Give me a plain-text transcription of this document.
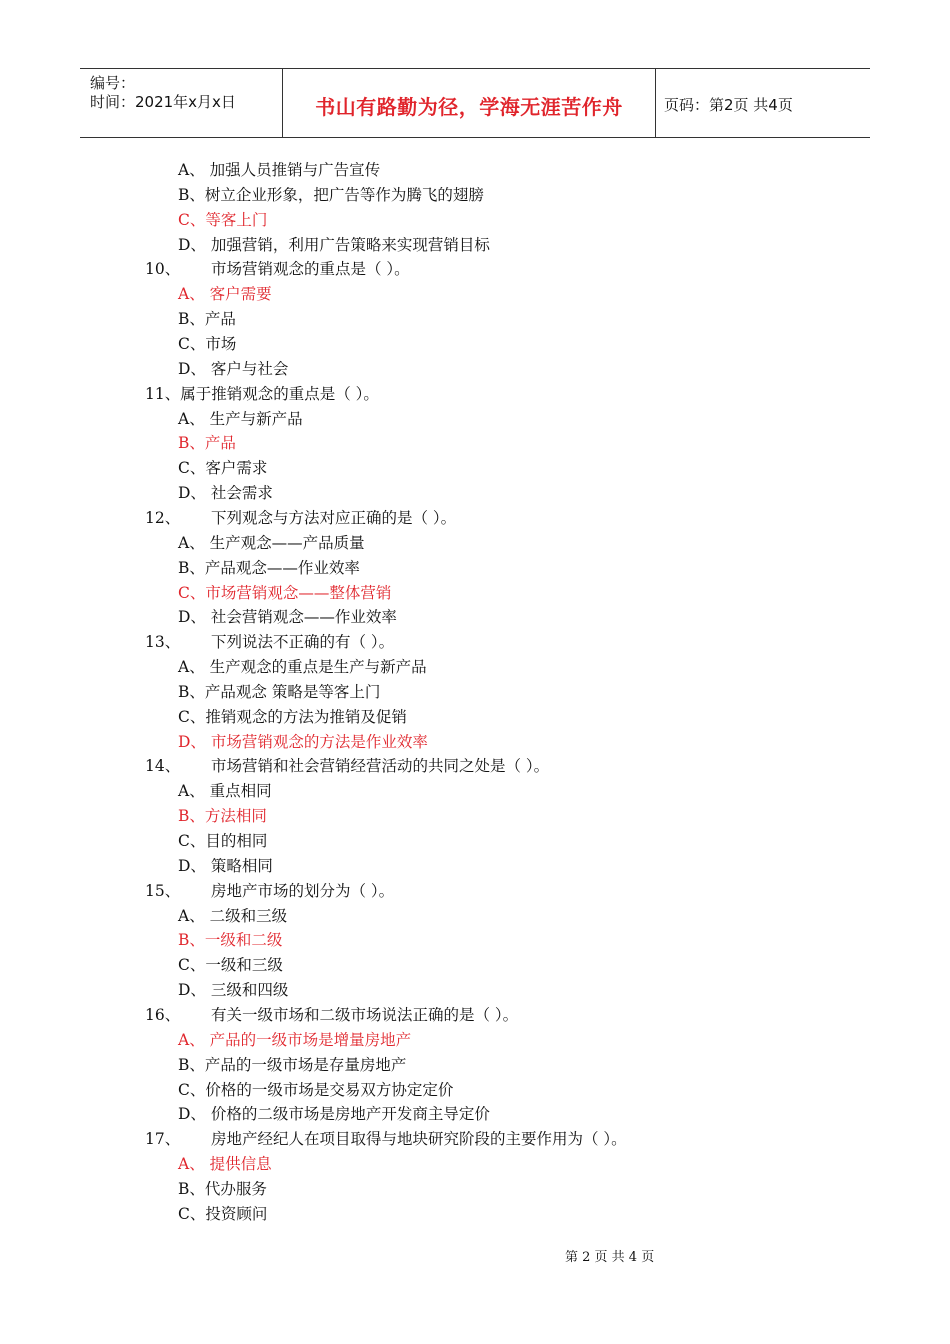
编号：
时间：2021年x月x日	书山有路勤为径，学海无涯苦作舟	页码：第2页 共4页
A、 加强人员推销与广告宣传
B、树立企业形象，把广告等作为腾飞的翅膀
C、等客上门
D、 加强营销，利用广告策略来实现营销目标
10、 市场营销观念的重点是（ ）。
A、 客户需要
B、产品
C、市场
D、 客户与社会
11、属于推销观念的重点是（ ）。
A、 生产与新产品
B、产品
C、客户需求
D、 社会需求
12、 下列观念与方法对应正确的是（ ）。
A、 生产观念——产品质量
B、产品观念——作业效率
C、市场营销观念——整体营销
D、 社会营销观念——作业效率
13、 下列说法不正确的有（ ）。
A、 生产观念的重点是生产与新产品
B、产品观念 策略是等客上门
C、推销观念的方法为推销及促销
D、 市场营销观念的方法是作业效率
14、 市场营销和社会营销经营活动的共同之处是（ ）。
A、 重点相同
B、方法相同
C、目的相同
D、 策略相同
15、 房地产市场的划分为（ ）。
A、 二级和三级
B、一级和二级
C、一级和三级
D、 三级和四级
16、 有关一级市场和二级市场说法正确的是（ ）。
A、 产品的一级市场是增量房地产
B、产品的一级市场是存量房地产
C、价格的一级市场是交易双方协定定价
D、 价格的二级市场是房地产开发商主导定价
17、 房地产经纪人在项目取得与地块研究阶段的主要作用为（ ）。
A、 提供信息
B、代办服务
C、投资顾问
第 2 页 共 4 页
